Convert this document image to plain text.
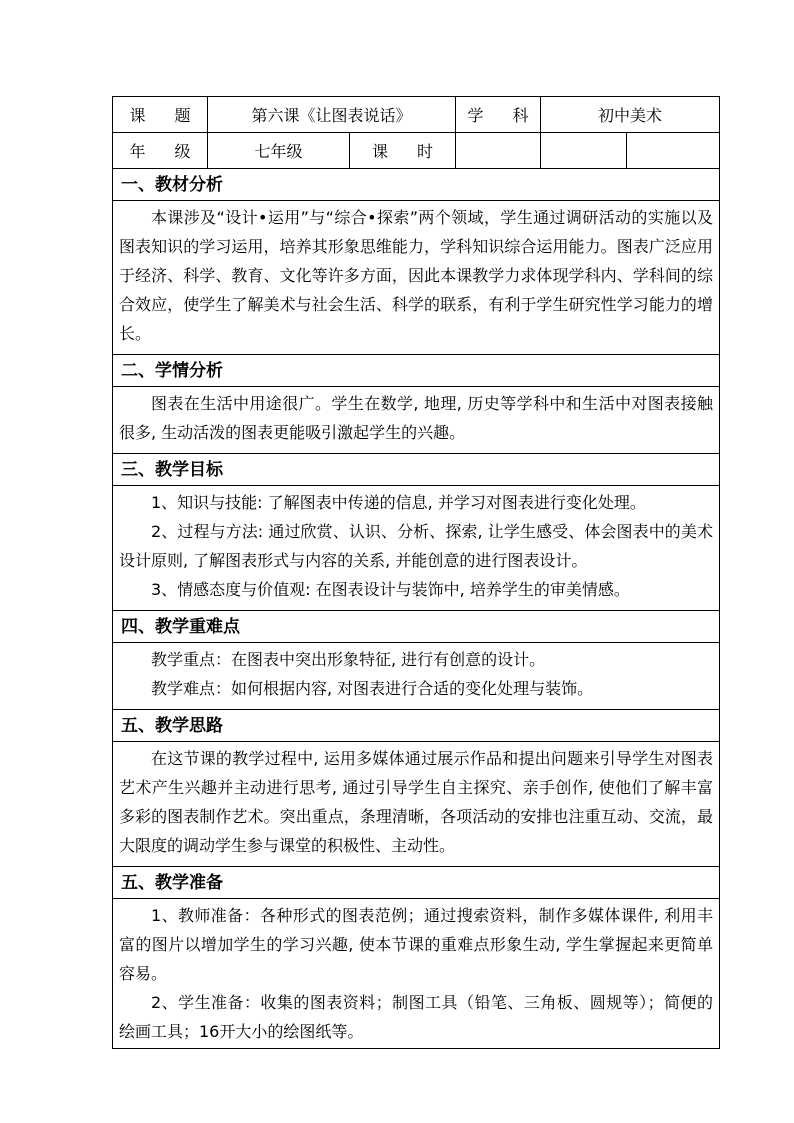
课 题	第六课《让图表说话》	学 科	初中美术
年 级	七年级	课 时
一、教材分析

本课涉及“设计•运用”与“综合•探索”两个领域，学生通过调研活动的实施以及图表知识的学习运用，培养其形象思维能力，学科知识综合运用能力。图表广泛应用于经济、科学、教育、文化等许多方面，因此本课教学力求体现学科内、学科间的综合效应，使学生了解美术与社会生活、科学的联系，有利于学生研究性学习能力的增长。

二、学情分析

图表在生活中用途很广。学生在数学, 地理, 历史等学科中和生活中对图表接触很多, 生动活泼的图表更能吸引激起学生的兴趣。

三、教学目标

1、知识与技能: 了解图表中传递的信息, 并学习对图表进行变化处理。

2、过程与方法: 通过欣赏、认识、分析、探索, 让学生感受、体会图表中的美术设计原则, 了解图表形式与内容的关系, 并能创意的进行图表设计。

3、情感态度与价值观: 在图表设计与装饰中, 培养学生的审美情感。

四、教学重难点

教学重点：在图表中突出形象特征, 进行有创意的设计。

教学难点：如何根据内容, 对图表进行合适的变化处理与装饰。

五、教学思路

在这节课的教学过程中, 运用多媒体通过展示作品和提出问题来引导学生对图表艺术产生兴趣并主动进行思考, 通过引导学生自主探究、亲手创作, 使他们了解丰富多彩的图表制作艺术。突出重点，条理清晰，各项活动的安排也注重互动、交流，最大限度的调动学生参与课堂的积极性、主动性。

五、教学准备

1、教师准备：各种形式的图表范例；通过搜索资料，制作多媒体课件, 利用丰富的图片以增加学生的学习兴趣, 使本节课的重难点形象生动, 学生掌握起来更简单容易。

2、学生准备：收集的图表资料；制图工具（铅笔、三角板、圆规等）；简便的绘画工具；16开大小的绘图纸等。
